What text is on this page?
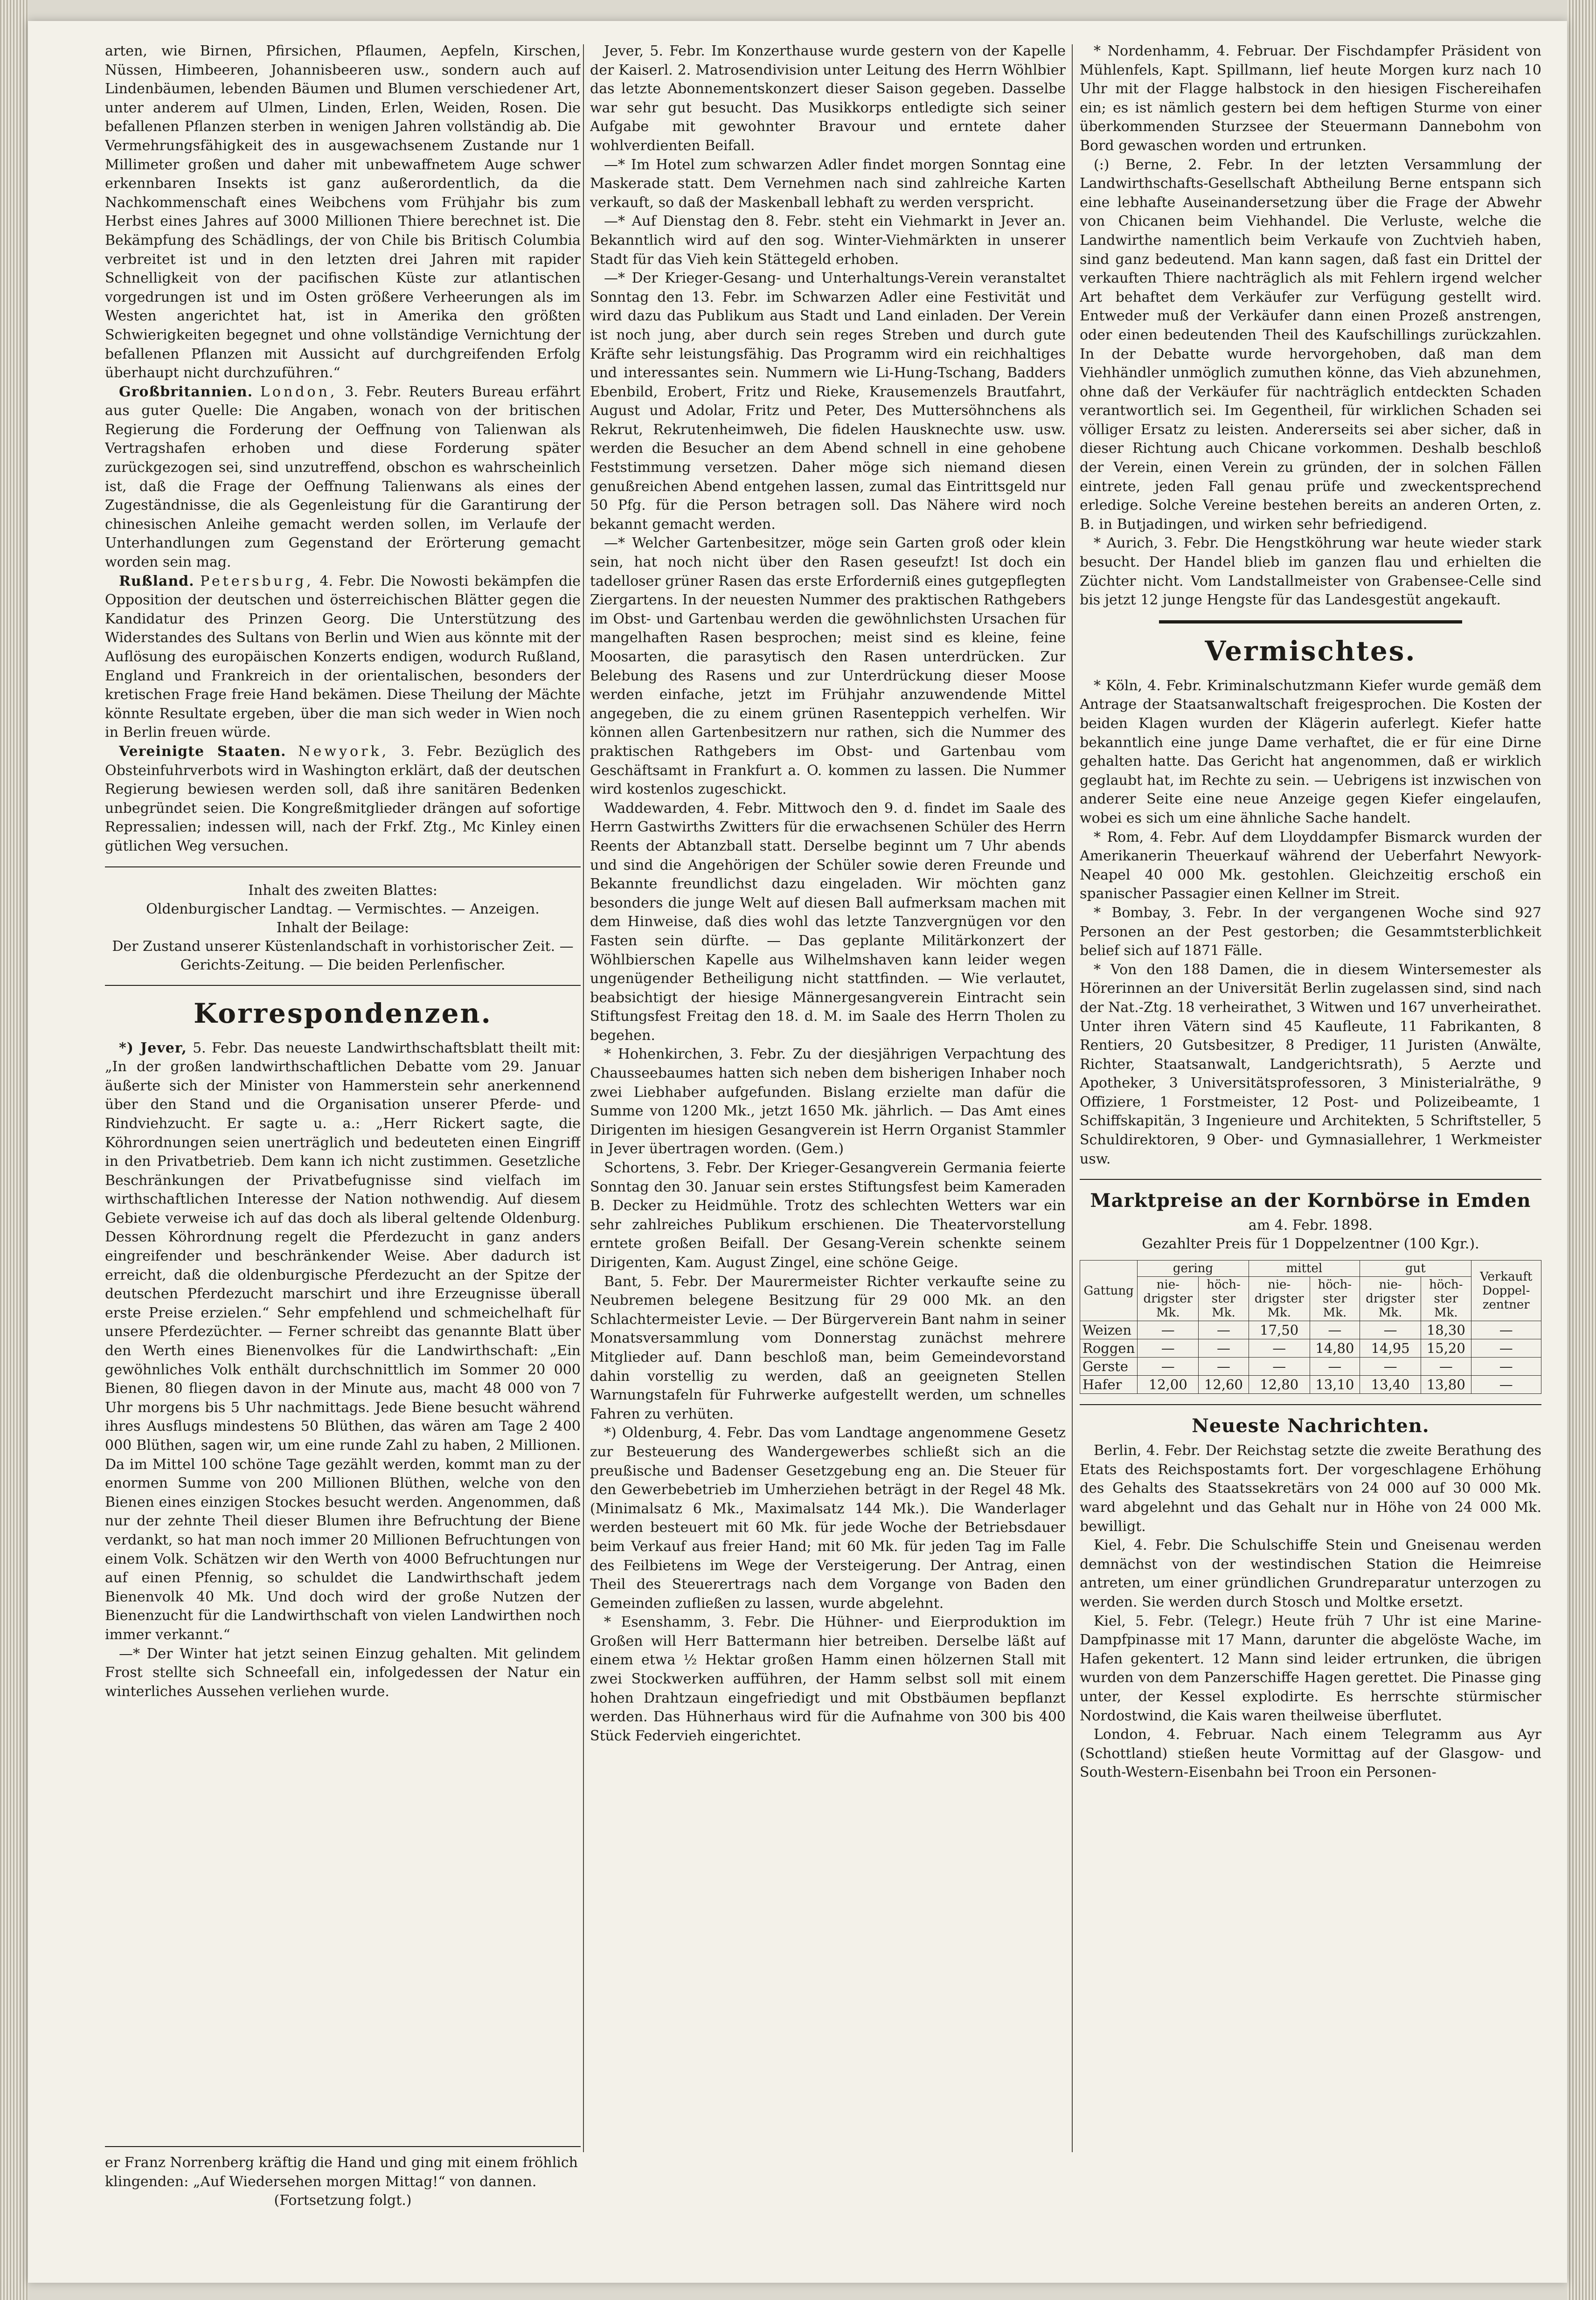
arten, wie Birnen, Pfirsichen, Pflaumen, Aepfeln, Kirschen, Nüssen, Himbeeren, Johannisbeeren usw., sondern auch auf Lindenbäumen, lebenden Bäumen und Blumen verschiedener Art, unter anderem auf Ulmen, Linden, Erlen, Weiden, Rosen. Die befallenen Pflanzen sterben in wenigen Jahren vollständig ab. Die Vermehrungsfähigkeit des in ausgewachsenem Zustande nur 1 Millimeter großen und daher mit unbewaffnetem Auge schwer erkennbaren Insekts ist ganz außerordentlich, da die Nachkommenschaft eines Weibchens vom Frühjahr bis zum Herbst eines Jahres auf 3000 Millionen Thiere berechnet ist. Die Bekämpfung des Schädlings, der von Chile bis Britisch Columbia verbreitet ist und in den letzten drei Jahren mit rapider Schnelligkeit von der pacifischen Küste zur atlantischen vorgedrungen ist und im Osten größere Verheerungen als im Westen angerichtet hat, ist in Amerika den größten Schwierigkeiten begegnet und ohne vollständige Vernichtung der befallenen Pflanzen mit Aussicht auf durchgreifenden Erfolg überhaupt nicht durchzuführen.“

Großbritannien. London, 3. Febr. Reuters Bureau erfährt aus guter Quelle: Die Angaben, wonach von der britischen Regierung die Forderung der Oeffnung von Talienwan als Vertragshafen erhoben und diese Forderung später zurückgezogen sei, sind unzutreffend, obschon es wahrscheinlich ist, daß die Frage der Oeffnung Talienwans als eines der Zugeständnisse, die als Gegenleistung für die Garantirung der chinesischen Anleihe gemacht werden sollen, im Verlaufe der Unterhandlungen zum Gegenstand der Erörterung gemacht worden sein mag.

Rußland. Petersburg, 4. Febr. Die Nowosti bekämpfen die Opposition der deutschen und österreichischen Blätter gegen die Kandidatur des Prinzen Georg. Die Unterstützung des Widerstandes des Sultans von Berlin und Wien aus könnte mit der Auflösung des europäischen Konzerts endigen, wodurch Rußland, England und Frankreich in der orientalischen, besonders der kretischen Frage freie Hand bekämen. Diese Theilung der Mächte könnte Resultate ergeben, über die man sich weder in Wien noch in Berlin freuen würde.

Vereinigte Staaten. Newyork, 3. Febr. Bezüglich des Obsteinfuhrverbots wird in Washington erklärt, daß der deutschen Regierung bewiesen werden soll, daß ihre sanitären Bedenken unbegründet seien. Die Kongreßmitglieder drängen auf sofortige Repressalien; indessen will, nach der Frkf. Ztg., Mc Kinley einen gütlichen Weg versuchen.

Inhalt des zweiten Blattes:
Oldenburgischer Landtag. — Vermischtes. — Anzeigen.
Inhalt der Beilage:
Der Zustand unserer Küstenlandschaft in vorhistorischer Zeit. — Gerichts-Zeitung. — Die beiden Perlenfischer.
Korrespondenzen.

*) Jever, 5. Febr. Das neueste Landwirthschaftsblatt theilt mit: „In der großen landwirthschaftlichen Debatte vom 29. Januar äußerte sich der Minister von Hammerstein sehr anerkennend über den Stand und die Organisation unserer Pferde- und Rindviehzucht. Er sagte u. a.: „Herr Rickert sagte, die Köhrordnungen seien unerträglich und bedeuteten einen Eingriff in den Privatbetrieb. Dem kann ich nicht zustimmen. Gesetzliche Beschränkungen der Privatbefugnisse sind vielfach im wirthschaftlichen Interesse der Nation nothwendig. Auf diesem Gebiete verweise ich auf das doch als liberal geltende Oldenburg. Dessen Köhrordnung regelt die Pferdezucht in ganz anders eingreifender und beschränkender Weise. Aber dadurch ist erreicht, daß die oldenburgische Pferdezucht an der Spitze der deutschen Pferdezucht marschirt und ihre Erzeugnisse überall erste Preise erzielen.“ Sehr empfehlend und schmeichelhaft für unsere Pferdezüchter. — Ferner schreibt das genannte Blatt über den Werth eines Bienenvolkes für die Landwirthschaft: „Ein gewöhnliches Volk enthält durchschnittlich im Sommer 20 000 Bienen, 80 fliegen davon in der Minute aus, macht 48 000 von 7 Uhr morgens bis 5 Uhr nachmittags. Jede Biene besucht während ihres Ausflugs mindestens 50 Blüthen, das wären am Tage 2 400 000 Blüthen, sagen wir, um eine runde Zahl zu haben, 2 Millionen. Da im Mittel 100 schöne Tage gezählt werden, kommt man zu der enormen Summe von 200 Millionen Blüthen, welche von den Bienen eines einzigen Stockes besucht werden. Angenommen, daß nur der zehnte Theil dieser Blumen ihre Befruchtung der Biene verdankt, so hat man noch immer 20 Millionen Befruchtungen von einem Volk. Schätzen wir den Werth von 4000 Befruchtungen nur auf einen Pfennig, so schuldet die Landwirthschaft jedem Bienenvolk 40 Mk. Und doch wird der große Nutzen der Bienenzucht für die Landwirthschaft von vielen Landwirthen noch immer verkannt.“

—* Der Winter hat jetzt seinen Einzug gehalten. Mit gelindem Frost stellte sich Schneefall ein, infolgedessen der Natur ein winterliches Aussehen verliehen wurde.

er Franz Norrenberg kräftig die Hand und ging mit einem fröhlich klingenden: „Auf Wiedersehen morgen Mittag!“ von dannen.

(Fortsetzung folgt.)

Jever, 5. Febr. Im Konzerthause wurde gestern von der Kapelle der Kaiserl. 2. Matrosendivision unter Leitung des Herrn Wöhlbier das letzte Abonnementskonzert dieser Saison gegeben. Dasselbe war sehr gut besucht. Das Musikkorps entledigte sich seiner Aufgabe mit gewohnter Bravour und erntete daher wohlverdienten Beifall.

—* Im Hotel zum schwarzen Adler findet morgen Sonntag eine Maskerade statt. Dem Vernehmen nach sind zahlreiche Karten verkauft, so daß der Maskenball lebhaft zu werden verspricht.

—* Auf Dienstag den 8. Febr. steht ein Viehmarkt in Jever an. Bekanntlich wird auf den sog. Winter-Viehmärkten in unserer Stadt für das Vieh kein Stättegeld erhoben.

—* Der Krieger-Gesang- und Unterhaltungs-Verein veranstaltet Sonntag den 13. Febr. im Schwarzen Adler eine Festivität und wird dazu das Publikum aus Stadt und Land einladen. Der Verein ist noch jung, aber durch sein reges Streben und durch gute Kräfte sehr leistungsfähig. Das Programm wird ein reichhaltiges und interessantes sein. Nummern wie Li-Hung-Tschang, Badders Ebenbild, Erobert, Fritz und Rieke, Krausemenzels Brautfahrt, August und Adolar, Fritz und Peter, Des Muttersöhnchens als Rekrut, Rekrutenheimweh, Die fidelen Hausknechte usw. usw. werden die Besucher an dem Abend schnell in eine gehobene Feststimmung versetzen. Daher möge sich niemand diesen genußreichen Abend entgehen lassen, zumal das Eintrittsgeld nur 50 Pfg. für die Person betragen soll. Das Nähere wird noch bekannt gemacht werden.

—* Welcher Gartenbesitzer, möge sein Garten groß oder klein sein, hat noch nicht über den Rasen geseufzt! Ist doch ein tadelloser grüner Rasen das erste Erforderniß eines gutgepflegten Ziergartens. In der neuesten Nummer des praktischen Rathgebers im Obst- und Gartenbau werden die gewöhnlichsten Ursachen für mangelhaften Rasen besprochen; meist sind es kleine, feine Moosarten, die parasytisch den Rasen unterdrücken. Zur Belebung des Rasens und zur Unterdrückung dieser Moose werden einfache, jetzt im Frühjahr anzuwendende Mittel angegeben, die zu einem grünen Rasenteppich verhelfen. Wir können allen Gartenbesitzern nur rathen, sich die Nummer des praktischen Rathgebers im Obst- und Gartenbau vom Geschäftsamt in Frankfurt a. O. kommen zu lassen. Die Nummer wird kostenlos zugeschickt.

Waddewarden, 4. Febr. Mittwoch den 9. d. findet im Saale des Herrn Gastwirths Zwitters für die erwachsenen Schüler des Herrn Reents der Abtanzball statt. Derselbe beginnt um 7 Uhr abends und sind die Angehörigen der Schüler sowie deren Freunde und Bekannte freundlichst dazu eingeladen. Wir möchten ganz besonders die junge Welt auf diesen Ball aufmerksam machen mit dem Hinweise, daß dies wohl das letzte Tanzvergnügen vor den Fasten sein dürfte. — Das geplante Militärkonzert der Wöhlbierschen Kapelle aus Wilhelmshaven kann leider wegen ungenügender Betheiligung nicht stattfinden. — Wie verlautet, beabsichtigt der hiesige Männergesangverein Eintracht sein Stiftungsfest Freitag den 18. d. M. im Saale des Herrn Tholen zu begehen.

* Hohenkirchen, 3. Febr. Zu der diesjährigen Verpachtung des Chausseebaumes hatten sich neben dem bisherigen Inhaber noch zwei Liebhaber aufgefunden. Bislang erzielte man dafür die Summe von 1200 Mk., jetzt 1650 Mk. jährlich. — Das Amt eines Dirigenten im hiesigen Gesangverein ist Herrn Organist Stammler in Jever übertragen worden. (Gem.)

Schortens, 3. Febr. Der Krieger-Gesangverein Germania feierte Sonntag den 30. Januar sein erstes Stiftungsfest beim Kameraden B. Decker zu Heidmühle. Trotz des schlechten Wetters war ein sehr zahlreiches Publikum erschienen. Die Theatervorstellung erntete großen Beifall. Der Gesang-Verein schenkte seinem Dirigenten, Kam. August Zingel, eine schöne Geige.

Bant, 5. Febr. Der Maurermeister Richter verkaufte seine zu Neubremen belegene Besitzung für 29 000 Mk. an den Schlachtermeister Levie. — Der Bürgerverein Bant nahm in seiner Monatsversammlung vom Donnerstag zunächst mehrere Mitglieder auf. Dann beschloß man, beim Gemeindevorstand dahin vorstellig zu werden, daß an geeigneten Stellen Warnungstafeln für Fuhrwerke aufgestellt werden, um schnelles Fahren zu verhüten.

*) Oldenburg, 4. Febr. Das vom Landtage angenommene Gesetz zur Besteuerung des Wandergewerbes schließt sich an die preußische und Badenser Gesetzgebung eng an. Die Steuer für den Gewerbebetrieb im Umherziehen beträgt in der Regel 48 Mk. (Minimalsatz 6 Mk., Maximalsatz 144 Mk.). Die Wanderlager werden besteuert mit 60 Mk. für jede Woche der Betriebsdauer beim Verkauf aus freier Hand; mit 60 Mk. für jeden Tag im Falle des Feilbietens im Wege der Versteigerung. Der Antrag, einen Theil des Steuerertrags nach dem Vorgange von Baden den Gemeinden zufließen zu lassen, wurde abgelehnt.

* Esenshamm, 3. Febr. Die Hühner- und Eierproduktion im Großen will Herr Battermann hier betreiben. Derselbe läßt auf einem etwa ½ Hektar großen Hamm einen hölzernen Stall mit zwei Stockwerken aufführen, der Hamm selbst soll mit einem hohen Drahtzaun eingefriedigt und mit Obstbäumen bepflanzt werden. Das Hühnerhaus wird für die Aufnahme von 300 bis 400 Stück Federvieh eingerichtet.

* Nordenhamm, 4. Februar. Der Fischdampfer Präsident von Mühlenfels, Kapt. Spillmann, lief heute Morgen kurz nach 10 Uhr mit der Flagge halbstock in den hiesigen Fischereihafen ein; es ist nämlich gestern bei dem heftigen Sturme von einer überkommenden Sturzsee der Steuermann Dannebohm von Bord gewaschen worden und ertrunken.

(:) Berne, 2. Febr. In der letzten Versammlung der Landwirthschafts-Gesellschaft Abtheilung Berne entspann sich eine lebhafte Auseinandersetzung über die Frage der Abwehr von Chicanen beim Viehhandel. Die Verluste, welche die Landwirthe namentlich beim Verkaufe von Zuchtvieh haben, sind ganz bedeutend. Man kann sagen, daß fast ein Drittel der verkauften Thiere nachträglich als mit Fehlern irgend welcher Art behaftet dem Verkäufer zur Verfügung gestellt wird. Entweder muß der Verkäufer dann einen Prozeß anstrengen, oder einen bedeutenden Theil des Kaufschillings zurückzahlen. In der Debatte wurde hervorgehoben, daß man dem Viehhändler unmöglich zumuthen könne, das Vieh abzunehmen, ohne daß der Verkäufer für nachträglich entdeckten Schaden verantwortlich sei. Im Gegentheil, für wirklichen Schaden sei völliger Ersatz zu leisten. Andererseits sei aber sicher, daß in dieser Richtung auch Chicane vorkommen. Deshalb beschloß der Verein, einen Verein zu gründen, der in solchen Fällen eintrete, jeden Fall genau prüfe und zweckentsprechend erledige. Solche Vereine bestehen bereits an anderen Orten, z. B. in Butjadingen, und wirken sehr befriedigend.

* Aurich, 3. Febr. Die Hengstköhrung war heute wieder stark besucht. Der Handel blieb im ganzen flau und erhielten die Züchter nicht. Vom Landstallmeister von Grabensee-Celle sind bis jetzt 12 junge Hengste für das Landesgestüt angekauft.

Vermischtes.

* Köln, 4. Febr. Kriminalschutzmann Kiefer wurde gemäß dem Antrage der Staatsanwaltschaft freigesprochen. Die Kosten der beiden Klagen wurden der Klägerin auferlegt. Kiefer hatte bekanntlich eine junge Dame verhaftet, die er für eine Dirne gehalten hatte. Das Gericht hat angenommen, daß er wirklich geglaubt hat, im Rechte zu sein. — Uebrigens ist inzwischen von anderer Seite eine neue Anzeige gegen Kiefer eingelaufen, wobei es sich um eine ähnliche Sache handelt.

* Rom, 4. Febr. Auf dem Lloyddampfer Bismarck wurden der Amerikanerin Theuerkauf während der Ueberfahrt Newyork-Neapel 40 000 Mk. gestohlen. Gleichzeitig erschoß ein spanischer Passagier einen Kellner im Streit.

* Bombay, 3. Febr. In der vergangenen Woche sind 927 Personen an der Pest gestorben; die Gesammtsterblichkeit belief sich auf 1871 Fälle.

* Von den 188 Damen, die in diesem Wintersemester als Hörerinnen an der Universität Berlin zugelassen sind, sind nach der Nat.-Ztg. 18 verheirathet, 3 Witwen und 167 unverheirathet. Unter ihren Vätern sind 45 Kaufleute, 11 Fabrikanten, 8 Rentiers, 20 Gutsbesitzer, 8 Prediger, 11 Juristen (Anwälte, Richter, Staatsanwalt, Landgerichtsrath), 5 Aerzte und Apotheker, 3 Universitätsprofessoren, 3 Ministerialräthe, 9 Offiziere, 1 Forstmeister, 12 Post- und Polizeibeamte, 1 Schiffskapitän, 3 Ingenieure und Architekten, 5 Schriftsteller, 5 Schuldirektoren, 9 Ober- und Gymnasiallehrer, 1 Werkmeister usw.

Marktpreise an der Kornbörse in Emden
am 4. Febr. 1898.
Gezahlter Preis für 1 Doppelzentner (100 Kgr.).
Gattung	gering		mittel		gut		Verkauft Doppel- zentner
	nie- drigster Mk.	höch- ster Mk.	nie- drigster Mk.	höch- ster Mk.	nie- drigster Mk.	höch- ster Mk.	
Weizen	—	—	17,50	—	—	18,30	—
Roggen	—	—	—	14,80	14,95	15,20	—
Gerste	—	—	—	—	—	—	—
Hafer	12,00	12,60	12,80	13,10	13,40	13,80	—
Neueste Nachrichten.

Berlin, 4. Febr. Der Reichstag setzte die zweite Berathung des Etats des Reichspostamts fort. Der vorgeschlagene Erhöhung des Gehalts des Staatssekretärs von 24 000 auf 30 000 Mk. ward abgelehnt und das Gehalt nur in Höhe von 24 000 Mk. bewilligt.

Kiel, 4. Febr. Die Schulschiffe Stein und Gneisenau werden demnächst von der westindischen Station die Heimreise antreten, um einer gründlichen Grundreparatur unterzogen zu werden. Sie werden durch Stosch und Moltke ersetzt.

Kiel, 5. Febr. (Telegr.) Heute früh 7 Uhr ist eine Marine-Dampfpinasse mit 17 Mann, darunter die abgelöste Wache, im Hafen gekentert. 12 Mann sind leider ertrunken, die übrigen wurden von dem Panzerschiffe Hagen gerettet. Die Pinasse ging unter, der Kessel explodirte. Es herrschte stürmischer Nordostwind, die Kais waren theilweise überflutet.

London, 4. Februar. Nach einem Telegramm aus Ayr (Schottland) stießen heute Vormittag auf der Glasgow- und South-Western-Eisenbahn bei Troon ein Personen-
